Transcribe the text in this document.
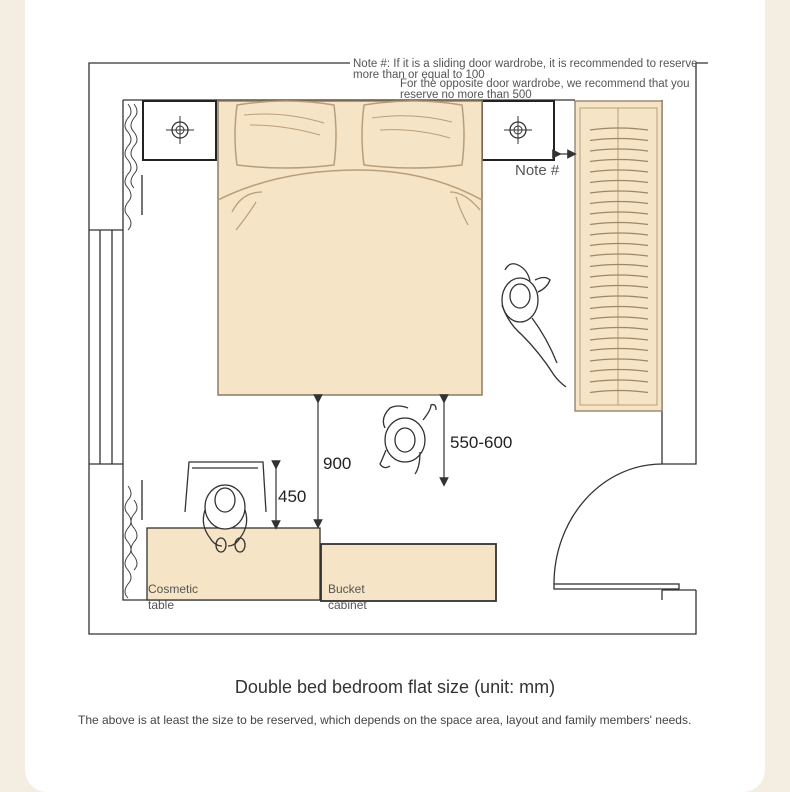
Note #: If it is a sliding door wardrobe, it is recommended to reserve
more than or equal to 100
For the opposite door wardrobe, we recommend that you
reserve no more than 500
Note #
900
550-600
450
Cosmetic
table
Bucket
cabinet
Double bed bedroom flat size (unit: mm)
The above is at least the size to be reserved, which depends on the space area, layout and family members' needs.
